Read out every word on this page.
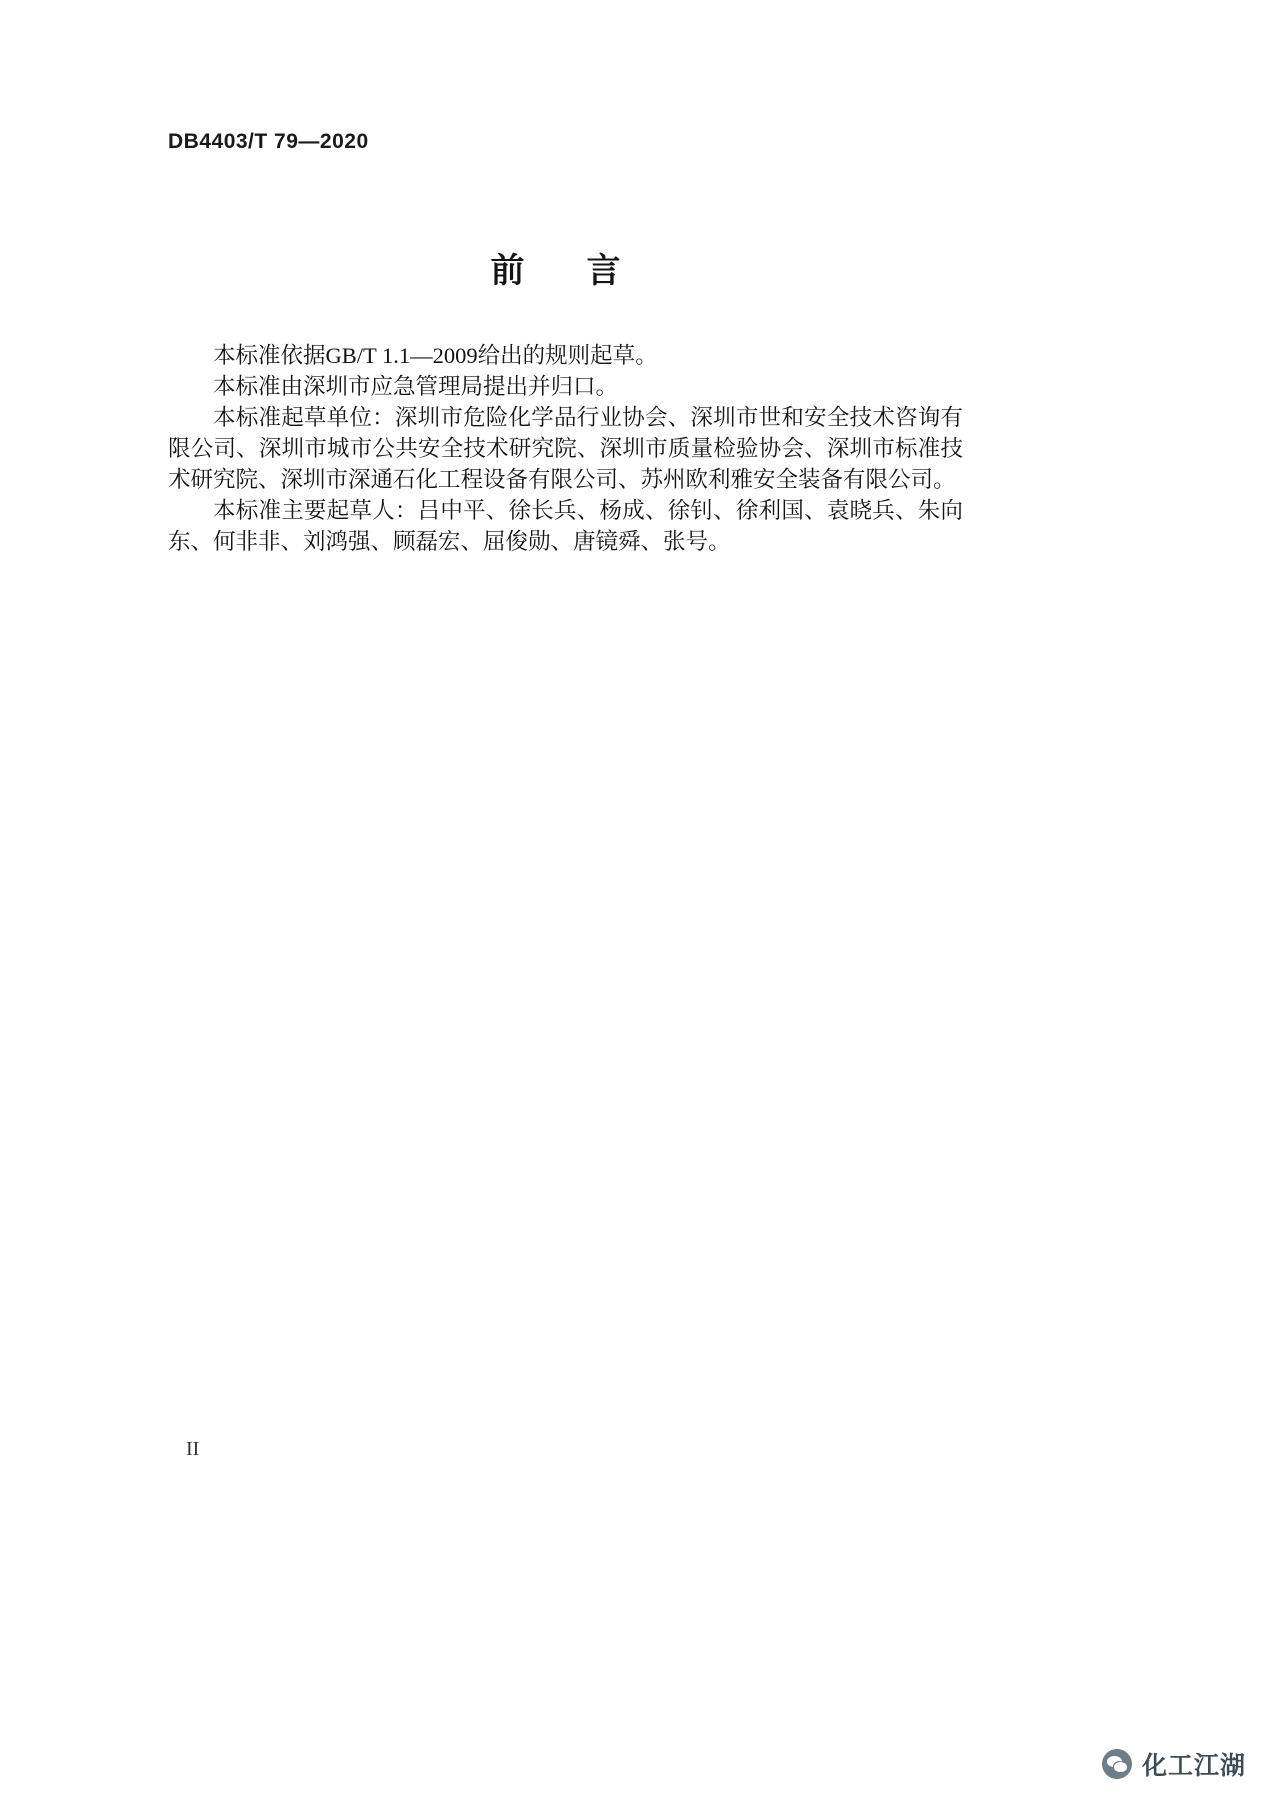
DB4403/T 79—2020
前　言

本标准依据GB/T 1.1—2009给出的规则起草。

本标准由深圳市应急管理局提出并归口。

本标准起草单位：深圳市危险化学品行业协会、深圳市世和安全技术咨询有限公司、深圳市城市公共安全技术研究院、深圳市质量检验协会、深圳市标准技术研究院、深圳市深通石化工程设备有限公司、苏州欧利雅安全装备有限公司。

本标准主要起草人：吕中平、徐长兵、杨成、徐钊、徐利国、袁晓兵、朱向东、何非非、刘鸿强、顾磊宏、屈俊勋、唐镜舜、张号。

II
化工江湖
